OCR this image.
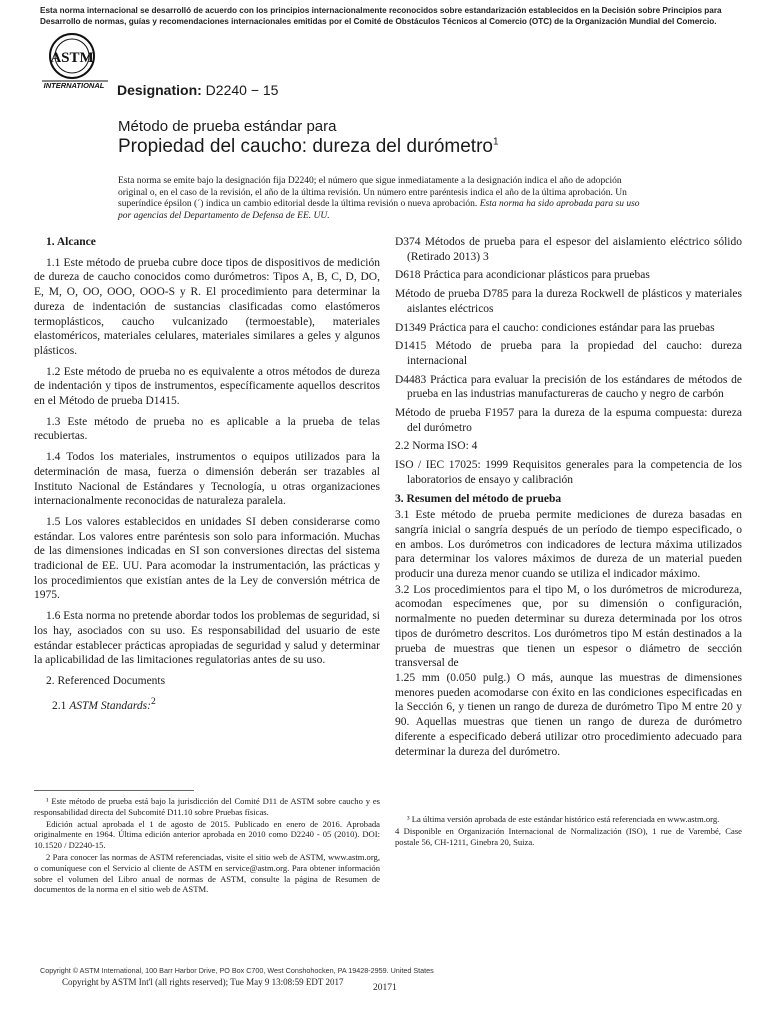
Esta norma internacional se desarrolló de acuerdo con los principios internacionalmente reconocidos sobre estandarización establecidos en la Decisión sobre Principios para Desarrollo de normas, guías y recomendaciones internacionales emitidas por el Comité de Obstáculos Técnicos al Comercio (OTC) de la Organización Mundial del Comercio.
ASTM
INTERNATIONAL Designation: D2240 − 15
Método de prueba estándar para
Propiedad del caucho: dureza del durómetro$^1$
Esta norma se emite bajo la designación fija D2240; el número que sigue inmediatamente a la designación indica el año de adopción original o, en el caso de la revisión, el año de la última revisión. Un número entre paréntesis indica el año de la última aprobación. Un superíndice épsilon (´) indica un cambio editorial desde la última revisión o nueva aprobación. Esta norma ha sido aprobada para su uso por agencias del Departamento de Defensa de EE. UU.

1. Alcance

1.1 Este método de prueba cubre doce tipos de dispositivos de medición de dureza de caucho conocidos como durómetros: Tipos A, B, C, D, DO, E, M, O, OO, OOO, OOO-S y R. El procedimiento para determinar la dureza de indentación de sustancias clasificadas como elastómeros termoplásticos, caucho vulcanizado (termoestable), materiales elastoméricos, materiales celulares, materiales similares a geles y algunos plásticos.

1.2 Este método de prueba no es equivalente a otros métodos de dureza de indentación y tipos de instrumentos, específicamente aquellos descritos en el Método de prueba D1415.

1.3 Este método de prueba no es aplicable a la prueba de telas recubiertas.

1.4 Todos los materiales, instrumentos o equipos utilizados para la determinación de masa, fuerza o dimensión deberán ser trazables al Instituto Nacional de Estándares y Tecnología, u otras organizaciones internacionalmente reconocidas de naturaleza paralela.

1.5 Los valores establecidos en unidades SI deben considerarse como estándar. Los valores entre paréntesis son solo para información. Muchas de las dimensiones indicadas en SI son conversiones directas del sistema tradicional de EE. UU. Para acomodar la instrumentación, las prácticas y los procedimientos que existían antes de la Ley de conversión métrica de 1975.

1.6 Esta norma no pretende abordar todos los problemas de seguridad, si los hay, asociados con su uso. Es responsabilidad del usuario de este estándar establecer prácticas apropiadas de seguridad y salud y determinar la aplicabilidad de las limitaciones regulatorias antes de su uso.

2. Referenced Documents

2.1 ASTM Standards:$^2$

¹ Este método de prueba está bajo la jurisdicción del Comité D11 de ASTM sobre caucho y es responsabilidad directa del Subcomité D11.10 sobre Pruebas físicas.

Edición actual aprobada el 1 de agosto de 2015. Publicado en enero de 2016. Aprobada originalmente en 1964. Última edición anterior aprobada en 2010 como D2240 - 05 (2010). DOI: 10.1520 / D2240-15.

2 Para conocer las normas de ASTM referenciadas, visite el sitio web de ASTM, www.astm.org, o comuníquese con el Servicio al cliente de ASTM en service@astm.org. Para obtener información sobre el volumen del Libro anual de normas de ASTM, consulte la página de Resumen de documentos de la norma en el sitio web de ASTM.

D374 Métodos de prueba para el espesor del aislamiento eléctrico sólido (Retirado 2013) 3

D618 Práctica para acondicionar plásticos para pruebas

Método de prueba D785 para la dureza Rockwell de plásticos y materiales aislantes eléctricos

D1349 Práctica para el caucho: condiciones estándar para las pruebas

D1415 Método de prueba para la propiedad del caucho: dureza internacional

D4483 Práctica para evaluar la precisión de los estándares de métodos de prueba en las industrias manufactureras de caucho y negro de carbón

Método de prueba F1957 para la dureza de la espuma compuesta: dureza del durómetro

2.2 Norma ISO: 4

ISO / IEC 17025: 1999 Requisitos generales para la competencia de los laboratorios de ensayo y calibración

3. Resumen del método de prueba

3.1 Este método de prueba permite mediciones de dureza basadas en sangría inicial o sangría después de un período de tiempo especificado, o en ambos. Los durómetros con indicadores de lectura máxima utilizados para determinar los valores máximos de dureza de un material pueden producir una dureza menor cuando se utiliza el indicador máximo.

3.2 Los procedimientos para el tipo M, o los durómetros de microdureza, acomodan especímenes que, por su dimensión o configuración, normalmente no pueden determinar su dureza determinada por los otros tipos de durómetro descritos. Los durómetros tipo M están destinados a la prueba de muestras que tienen un espesor o diámetro de sección transversal de

1.25 mm (0.050 pulg.) O más, aunque las muestras de dimensiones menores pueden acomodarse con éxito en las condiciones especificadas en la Sección 6, y tienen un rango de dureza de durómetro Tipo M entre 20 y 90. Aquellas muestras que tienen un rango de dureza de durómetro diferente a especificado deberá utilizar otro procedimiento adecuado para determinar la dureza del durómetro.

³ La última versión aprobada de este estándar histórico está referenciada en www.astm.org.

4 Disponible en Organización Internacional de Normalización (ISO), 1 rue de Varembé, Case postale 56, CH-1211, Ginebra 20, Suiza.

Copyright © ASTM International, 100 Barr Harbor Drive, PO Box C700, West Conshohocken, PA 19428-2959. United States
Copyright by ASTM Int'l (all rights reserved); Tue May 9 13:08:59 EDT 2017
20171
